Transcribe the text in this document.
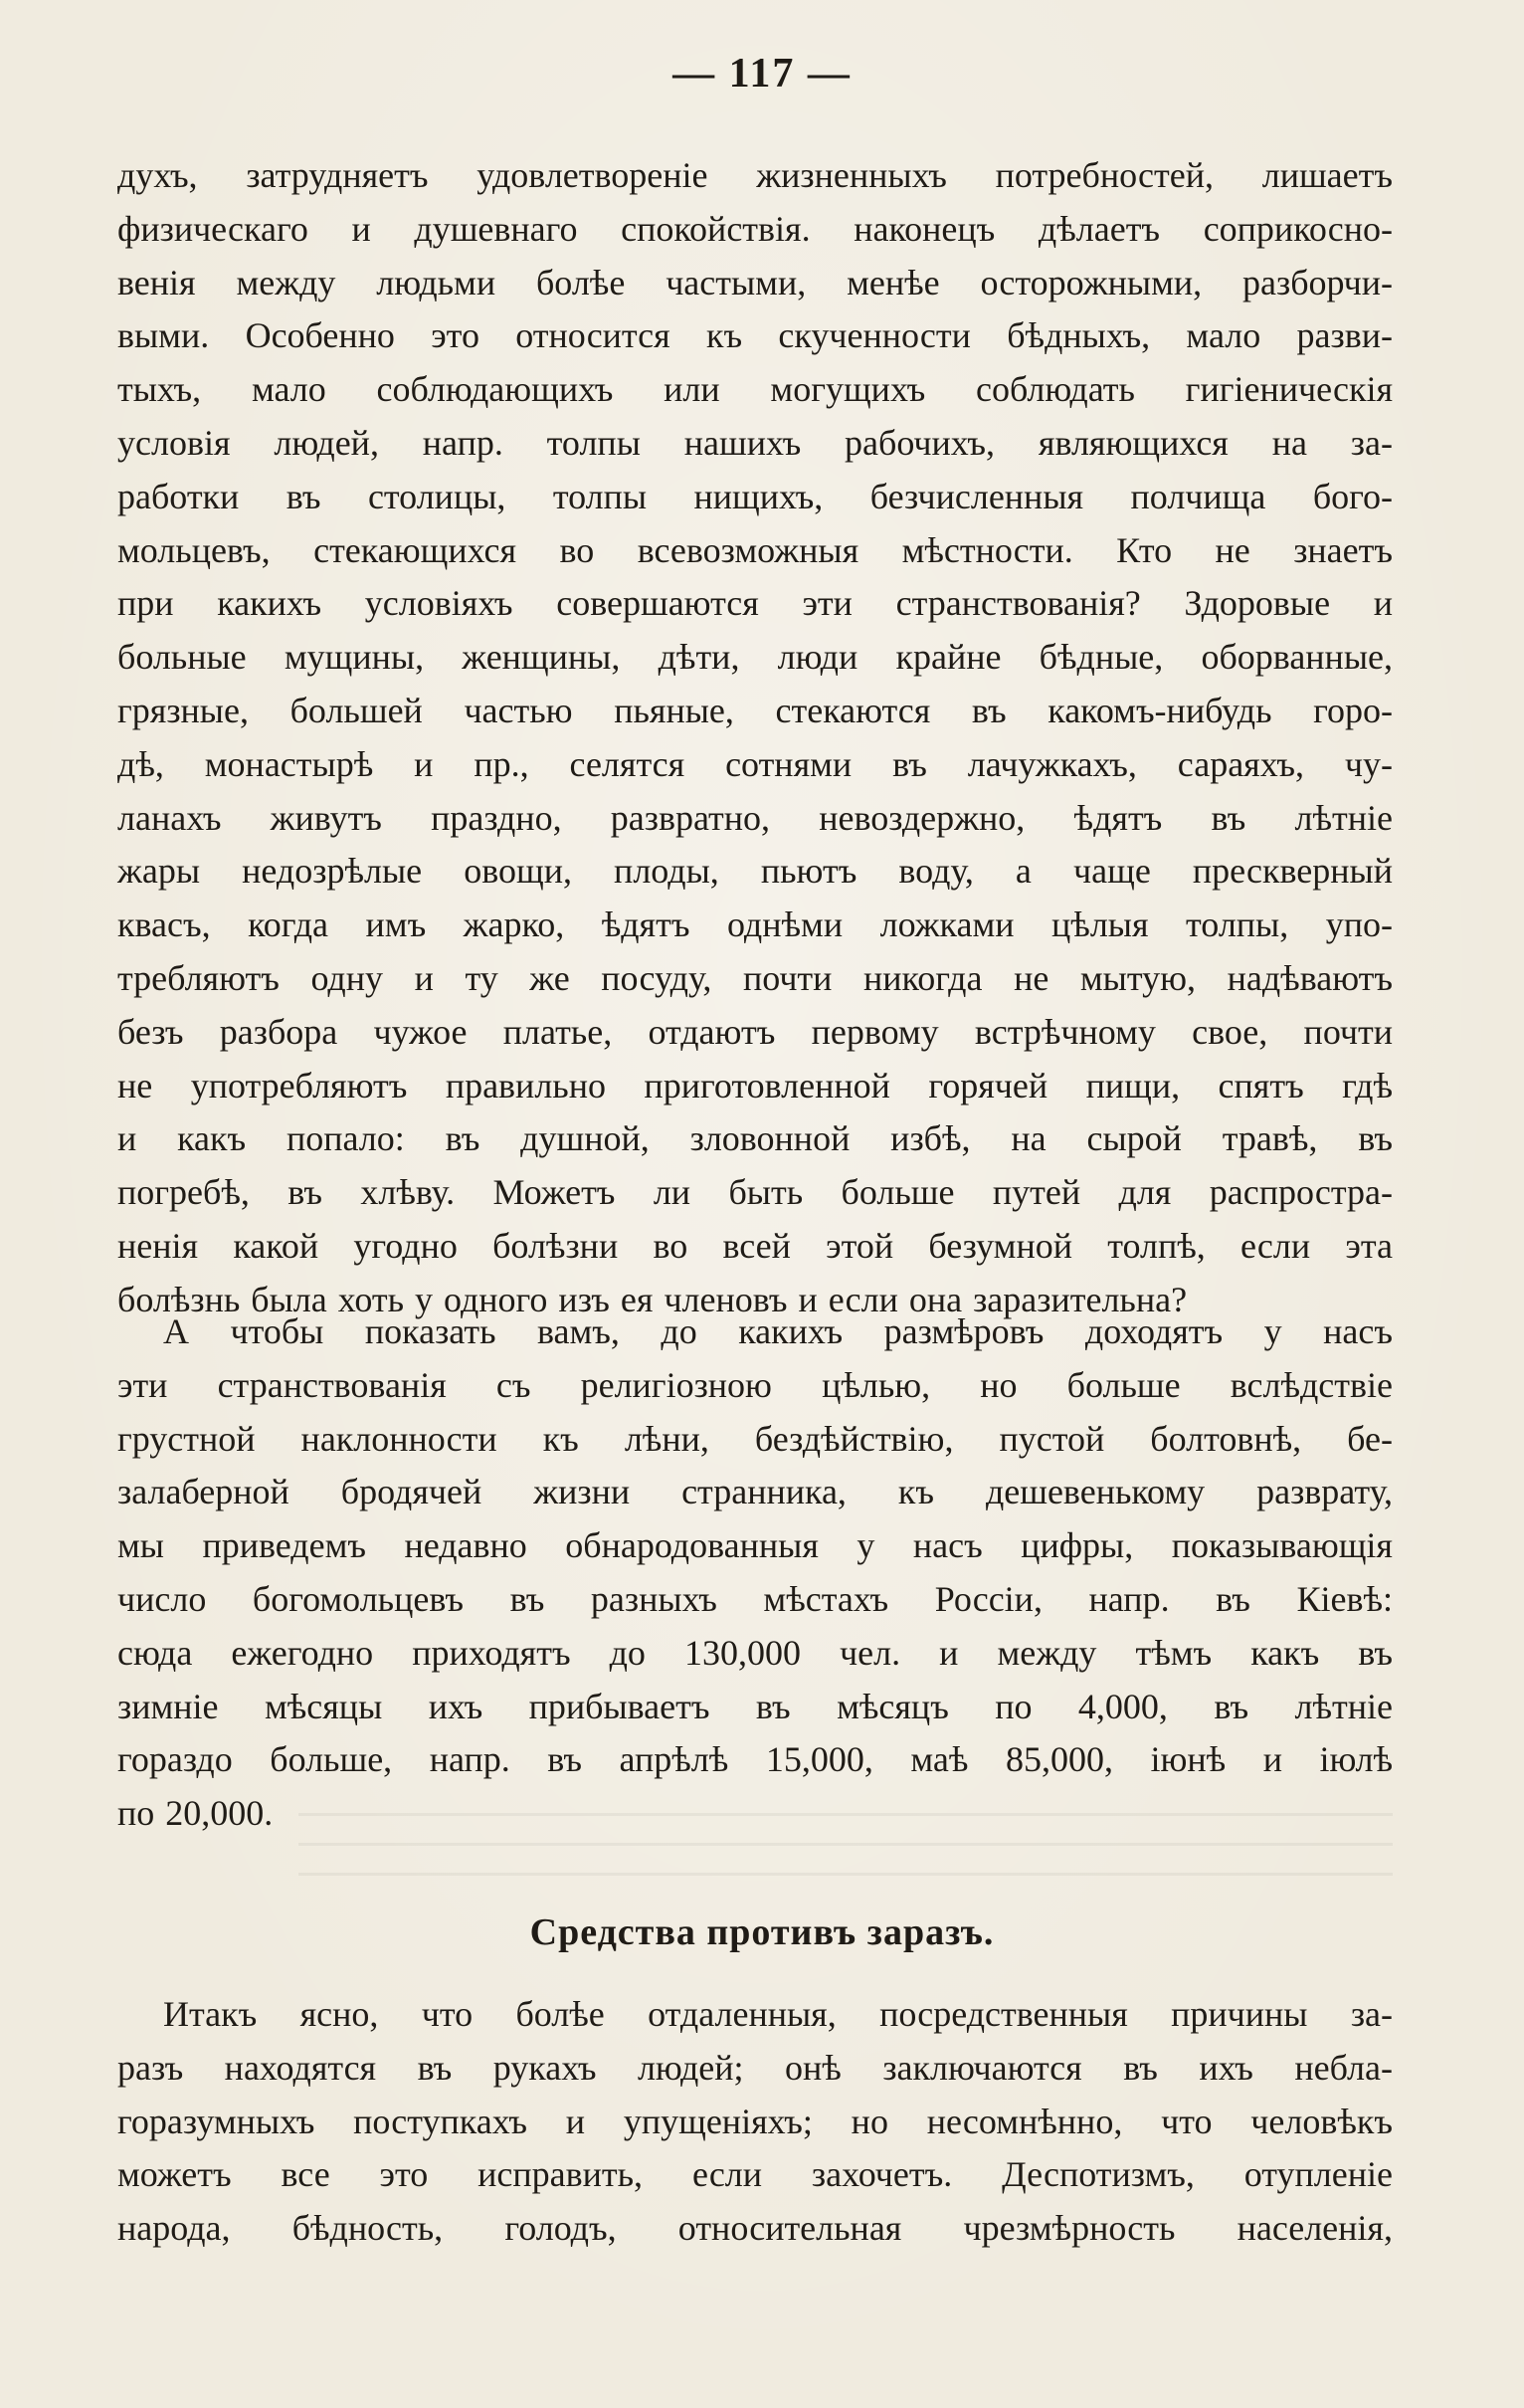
— 117 —
духъ, затрудняетъ удовлетвореніе жизненныхъ потребностей, лишаетъ
физическаго и душевнаго спокойствія. наконецъ дѣлаетъ соприкосно-
венія между людьми болѣе частыми, менѣе осторожными, разборчи-
выми. Особенно это относится къ скученности бѣдныхъ, мало разви-
тыхъ, мало соблюдающихъ или могущихъ соблюдать гигіеническія
условія людей, напр. толпы нашихъ рабочихъ, являющихся на за-
работки въ столицы, толпы нищихъ, безчисленныя полчища бого-
мольцевъ, стекающихся во всевозможныя мѣстности. Кто не знаетъ
при какихъ условіяхъ совершаются эти странствованія? Здоровые и
больные мущины, женщины, дѣти, люди крайне бѣдные, оборванные,
грязные, большей частью пьяные, стекаются въ какомъ-нибудь горо-
дѣ, монастырѣ и пр., селятся сотнями въ лачужкахъ, сараяхъ, чу-
ланахъ живутъ праздно, развратно, невоздержно, ѣдятъ въ лѣтніе
жары недозрѣлые овощи, плоды, пьютъ воду, а чаще прескверный
квасъ, когда имъ жарко, ѣдятъ однѣми ложками цѣлыя толпы, упо-
требляютъ одну и ту же посуду, почти никогда не мытую, надѣваютъ
безъ разбора чужое платье, отдаютъ первому встрѣчному свое, почти
не употребляютъ правильно приготовленной горячей пищи, спятъ гдѣ
и какъ попало: въ душной, зловонной избѣ, на сырой травѣ, въ
погребѣ, въ хлѣву. Можетъ ли быть больше путей для распростра-
ненія какой угодно болѣзни во всей этой безумной толпѣ, если эта
болѣзнь была хоть у одного изъ ея членовъ и если она заразительна?
А чтобы показать вамъ, до какихъ размѣровъ доходятъ у насъ
эти странствованія съ религіозною цѣлью, но больше вслѣдствіе
грустной наклонности къ лѣни, бездѣйствію, пустой болтовнѣ, бе-
залаберной бродячей жизни странника, къ дешевенькому разврату,
мы приведемъ недавно обнародованныя у насъ цифры, показывающія
число богомольцевъ въ разныхъ мѣстахъ Россіи, напр. въ Кіевѣ:
сюда ежегодно приходятъ до 130,000 чел. и между тѣмъ какъ въ
зимніе мѣсяцы ихъ прибываетъ въ мѣсяцъ по 4,000, въ лѣтніе
гораздо больше, напр. въ апрѣлѣ 15,000, маѣ 85,000, іюнѣ и іюлѣ
по 20,000.
Средства противъ заразъ.
Итакъ ясно, что болѣе отдаленныя, посредственныя причины за-
разъ находятся въ рукахъ людей; онѣ заключаются въ ихъ небла-
горазумныхъ поступкахъ и упущеніяхъ; но несомнѣнно, что человѣкъ
можетъ все это исправить, если захочетъ. Деспотизмъ, отупленіе
народа, бѣдность, голодъ, относительная чрезмѣрность населенія,
